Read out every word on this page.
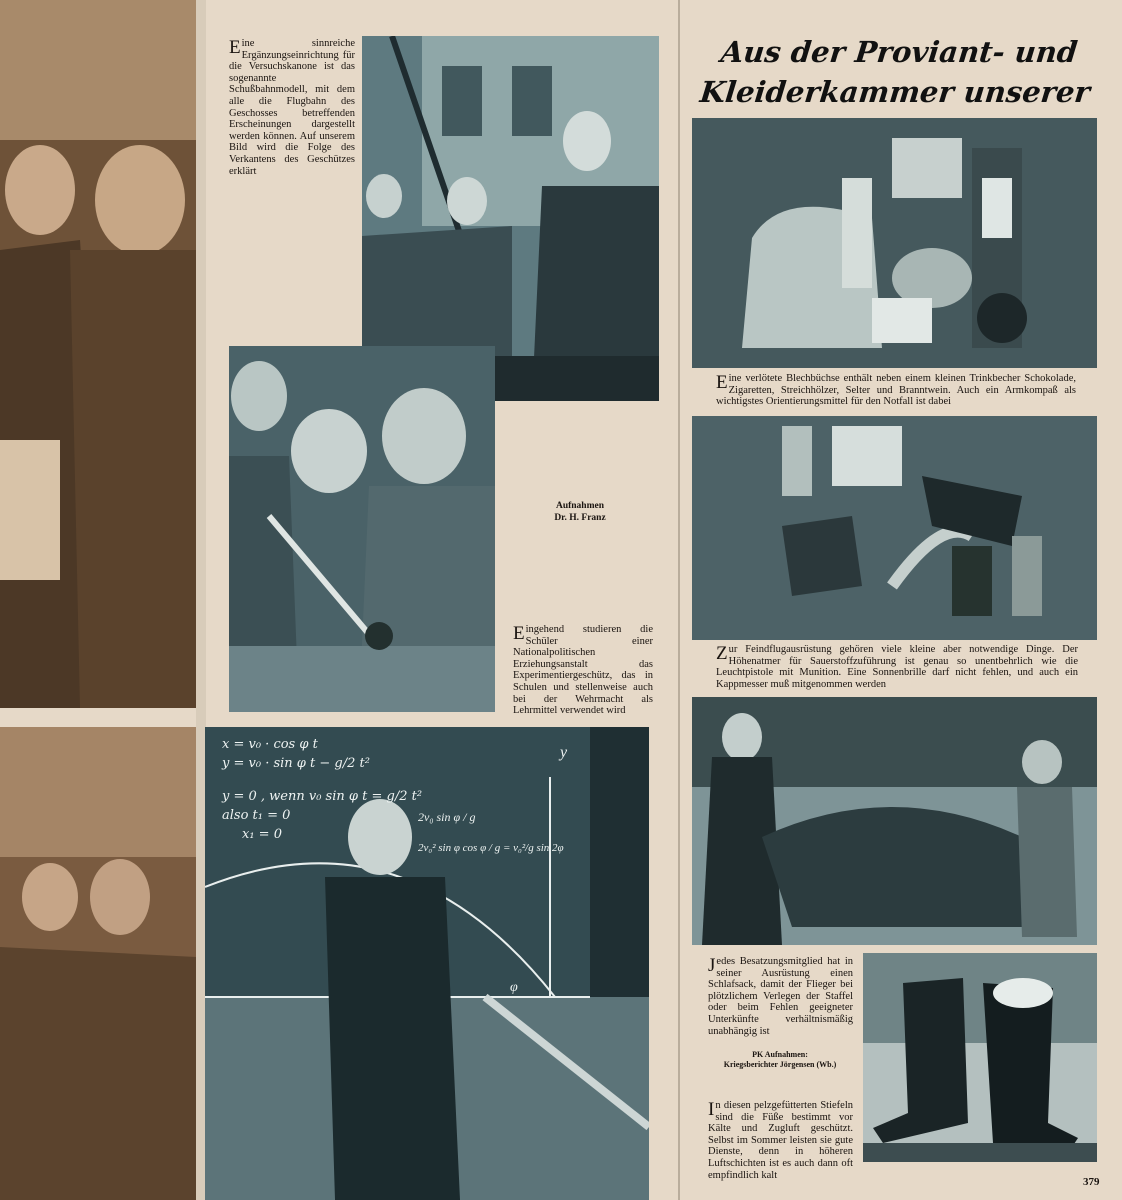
x = v₀ · cos φ t
y = v₀ · sin φ t − g/2 t²
y = 0 , wenn v₀ sin φ t = g/2 t²
also t₁ = 0
x₁ = 0
2v₀ sin φ / g
2v₀² sin φ cos φ / g = v₀²/g sin 2φ
y
φ
Eine sinnreiche Ergänzungseinrichtung für die Versuchskanone ist das sogenannte Schußbahnmodell, mit dem alle die Flugbahn des Geschosses betreffenden Erscheinungen dargestellt werden können. Auf unserem Bild wird die Folge des Verkantens des Geschützes erklärt
Aufnahmen
Dr. H. Franz
Eingehend studieren die Schüler einer Nationalpolitischen Erziehungsanstalt das Experimentiergeschütz, das in Schulen und stellenweise auch bei der Wehrmacht als Lehrmittel verwendet wird
Aus der Proviant- und
Kleiderkammer unserer
Eine verlötete Blechbüchse enthält neben einem kleinen Trinkbecher Schokolade, Zigaretten, Streichhölzer, Selter und Branntwein. Auch ein Armkompaß als wichtigstes Orientierungsmittel für den Notfall ist dabei
Zur Feindflugausrüstung gehören viele kleine aber notwendige Dinge. Der Höhenatmer für Sauerstoffzuführung ist genau so unentbehrlich wie die Leuchtpistole mit Munition. Eine Sonnenbrille darf nicht fehlen, und auch ein Kappmesser muß mitgenommen werden
Jedes Besatzungsmitglied hat in seiner Ausrüstung einen Schlafsack, damit der Flieger bei plötzlichem Verlegen der Staffel oder beim Fehlen geeigneter Unterkünfte verhältnismäßig unabhängig ist
PK Aufnahmen:
Kriegsberichter Jörgensen (Wb.)
In diesen pelzgefütterten Stiefeln sind die Füße bestimmt vor Kälte und Zugluft geschützt. Selbst im Sommer leisten sie gute Dienste, denn in höheren Luftschichten ist es auch dann oft empfindlich kalt
379
